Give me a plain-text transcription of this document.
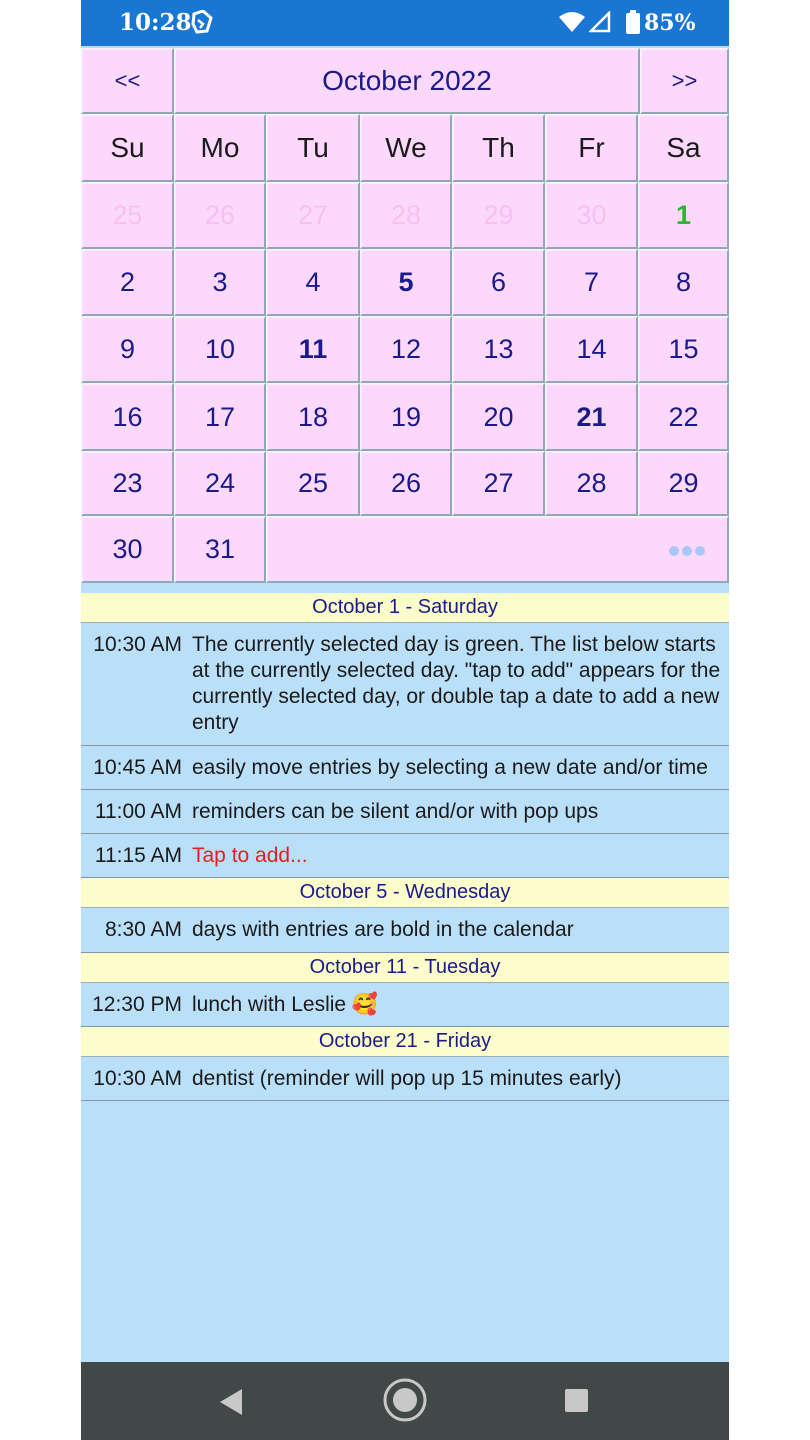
10:28	85%
<<	October 2022	>>
Su	Mo	Tu	We	Th	Fr	Sa
25	26	27	28	29	30	1
2	3	4	5	6	7	8
9	10	11	12	13	14	15
16	17	18	19	20	21	22
23	24	25	26	27	28	29
30	31
October 1 - Saturday
10:30 AM The currently selected day is green. The list below starts at the currently selected day. "tap to add" appears for the currently selected day, or double tap a date to add a new entry
10:45 AM easily move entries by selecting a new date and/or time
11:00 AM reminders can be silent and/or with pop ups
11:15 AM Tap to add...
October 5 - Wednesday
8:30 AM days with entries are bold in the calendar
October 11 - Tuesday
12:30 PM lunch with Leslie 🥰
October 21 - Friday
10:30 AM dentist (reminder will pop up 15 minutes early)
